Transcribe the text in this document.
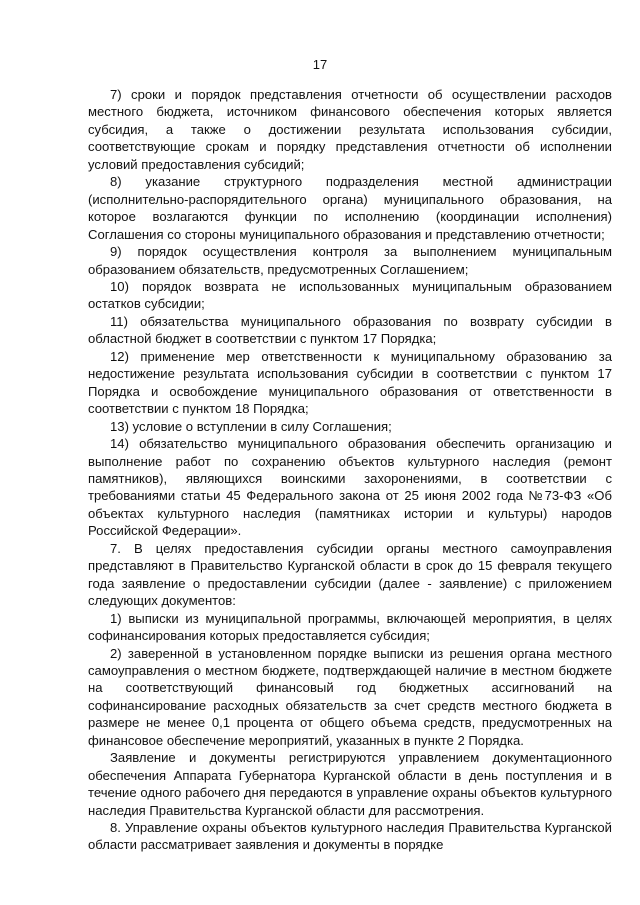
17

7) сроки и порядок представления отчетности об осуществлении расходов местного бюджета, источником финансового обеспечения которых является субсидия, а также о достижении результата использования субсидии, соответствующие срокам и порядку представления отчетности об исполнении условий предоставления субсидий;

8) указание структурного подразделения местной администрации (исполнительно-распорядительного органа) муниципального образования, на которое возлагаются функции по исполнению (координации исполнения) Соглашения со стороны муниципального образования и представлению отчетности;

9) порядок осуществления контроля за выполнением муниципальным образованием обязательств, предусмотренных Соглашением;

10) порядок возврата не использованных муниципальным образованием остатков субсидии;

11) обязательства муниципального образования по возврату субсидии в областной бюджет в соответствии с пунктом 17 Порядка;

12) применение мер ответственности к муниципальному образованию за недостижение результата использования субсидии в соответствии с пунктом 17 Порядка и освобождение муниципального образования от ответственности в соответствии с пунктом 18 Порядка;

13) условие о вступлении в силу Соглашения;

14) обязательство муниципального образования обеспечить организацию и выполнение работ по сохранению объектов культурного наследия (ремонт памятников), являющихся воинскими захоронениями, в соответствии с требованиями статьи 45 Федерального закона от 25 июня 2002 года №73-ФЗ «Об объектах культурного наследия (памятниках истории и культуры) народов Российской Федерации».

7. В целях предоставления субсидии органы местного самоуправления представляют в Правительство Курганской области в срок до 15 февраля текущего года заявление о предоставлении субсидии (далее - заявление) с приложением следующих документов:

1) выписки из муниципальной программы, включающей мероприятия, в целях софинансирования которых предоставляется субсидия;

2) заверенной в установленном порядке выписки из решения органа местного самоуправления о местном бюджете, подтверждающей наличие в местном бюджете на соответствующий финансовый год бюджетных ассигнований на софинансирование расходных обязательств за счет средств местного бюджета в размере не менее 0,1 процента от общего объема средств, предусмотренных на финансовое обеспечение мероприятий, указанных в пункте 2 Порядка.

Заявление и документы регистрируются управлением документационного обеспечения Аппарата Губернатора Курганской области в день поступления и в течение одного рабочего дня передаются в управление охраны объектов культурного наследия Правительства Курганской области для рассмотрения.

8. Управление охраны объектов культурного наследия Правительства Курганской области рассматривает заявления и документы в порядке
